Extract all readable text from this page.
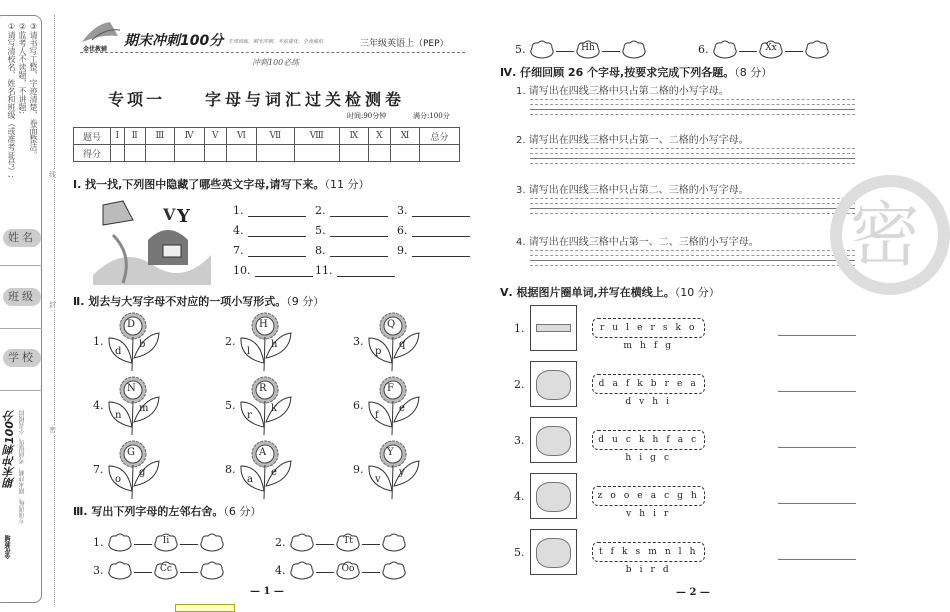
①请写清校名、姓名和班级（或准考证号）; ②监考人不读题，不讲题; ③请书写工整，字迹清楚，卷面整洁。
姓名
班级
学校
期末冲刺100分 专项训练、期末冲刺、考前提优、全真模拟
金优教辅
线
封
密
金优教辅
期末冲刺100分 专项训练、期末冲刺、考前提优、全真模拟	三年级英语上（PEP）
冲刺100必练
专项一 字母与词汇过关检测卷
时间:90分钟	满分:100分
题号	Ⅰ	Ⅱ	Ⅲ	Ⅳ	Ⅴ	Ⅵ	Ⅶ	Ⅷ	Ⅸ	Ⅹ	Ⅺ	总分
得分												
Ⅰ. 找一找,下列图中隐藏了哪些英文字母,请写下来。（11 分）
V Y	1.	2.	3.
4.	5.	6.
7.	8.	9.
10.	11.
Ⅱ. 划去与大写字母不对应的一项小写形式。（9 分）
1.
D
d
b	2.
H
l
h	3.
Q
p
q
4.
N
n
m	5.
R
r
k	6.
F
f
e
7.
G
o
g	8.
A
a
e	9.
Y
v
y
Ⅲ. 写出下列字母的左邻右舍。（6 分）
1.	Ii	2.	Tt
3.	Cc	4.	Oo
5.	Hh	6.	Xx
— 1 —
Ⅳ. 仔细回顾 26 个字母,按要求完成下列各题。（8 分）
1. 请写出在四线三格中只占第二格的小写字母。
2. 请写出在四线三格中只占第一、二格的小写字母。
3. 请写出在四线三格中只占第二、三格的小写字母。
4. 请写出在四线三格中占第一、二、三格的小写字母。
Ⅴ. 根据图片圈单词,并写在横线上。（10 分）
1.	r u l e r s k o m h f g
2.	d a f k b r e a d v h i
3.	d u c k h f a c h i g c
4.	z o o e a c g h v h i r
5.	t f k s m n l h b i r d
— 2 —
密
